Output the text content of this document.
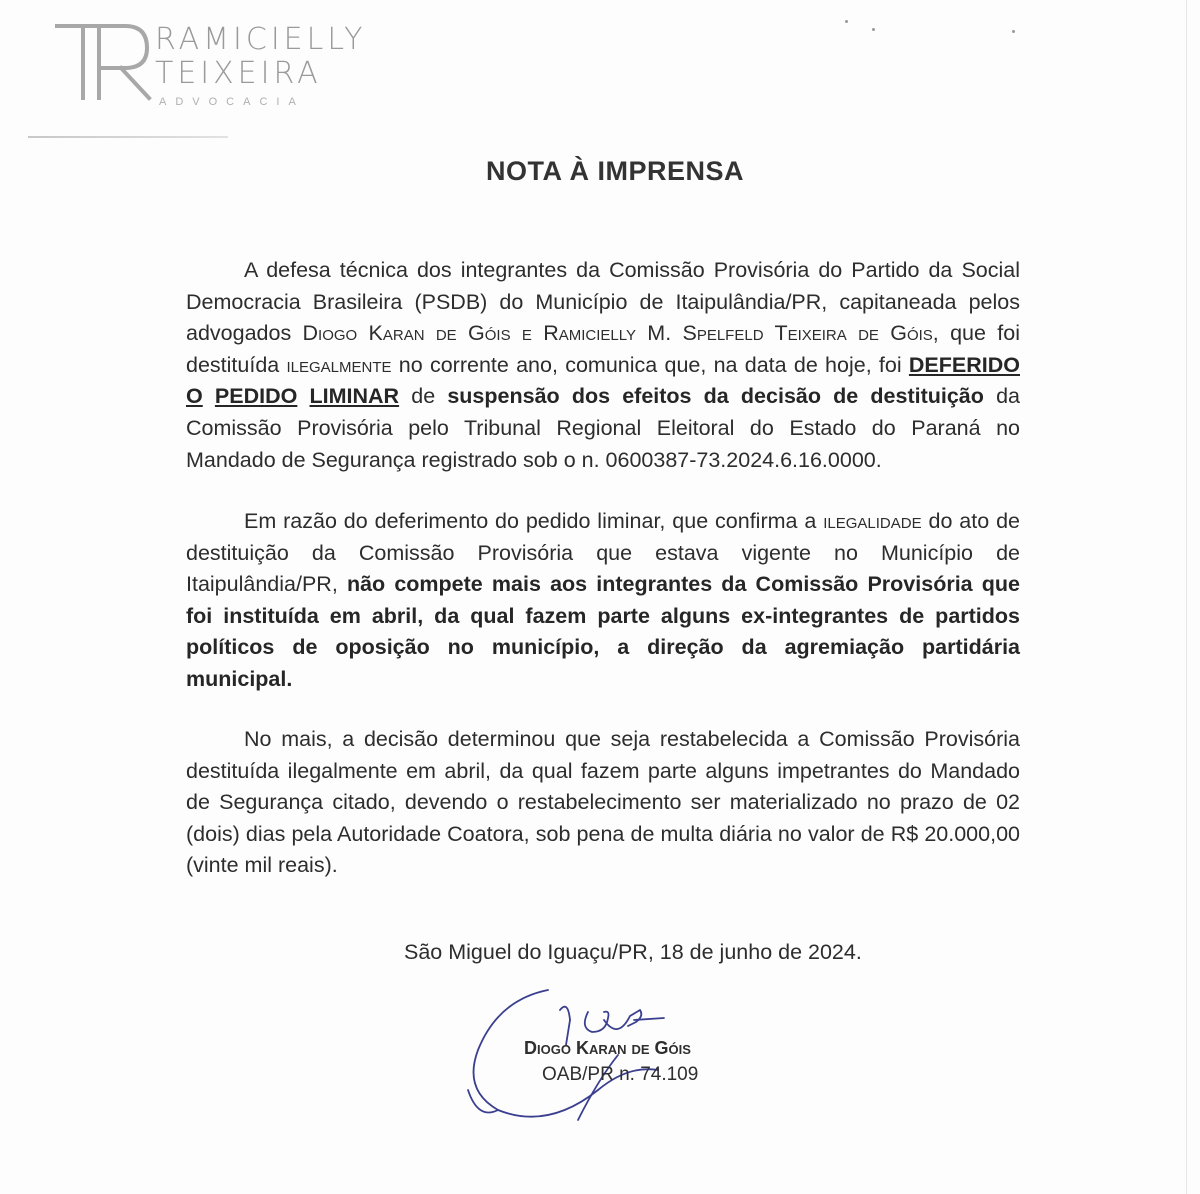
RAMICIELLY
TEIXEIRA
ADVOCACIA
NOTA À IMPRENSA

A defesa técnica dos integrantes da Comissão Provisória do Partido da Social Democracia Brasileira (PSDB) do Município de Itaipulândia/PR, capitaneada pelos advogados Diogo Karan de Góis e Ramicielly M. Spelfeld Teixeira de Góis, que foi destituída ilegalmente no corrente ano, comunica que, na data de hoje, foi DEFERIDO O PEDIDO LIMINAR de suspensão dos efeitos da decisão de destituição da Comissão Provisória pelo Tribunal Regional Eleitoral do Estado do Paraná no Mandado de Segurança registrado sob o n. 0600387-73.2024.6.16.0000.

Em razão do deferimento do pedido liminar, que confirma a ilegalidade do ato de destituição da Comissão Provisória que estava vigente no Município de Itaipulândia/PR, não compete mais aos integrantes da Comissão Provisória que foi instituída em abril, da qual fazem parte alguns ex-integrantes de partidos políticos de oposição no município, a direção da agremiação partidária municipal.

No mais, a decisão determinou que seja restabelecida a Comissão Provisória destituída ilegalmente em abril, da qual fazem parte alguns impetrantes do Mandado de Segurança citado, devendo o restabelecimento ser materializado no prazo de 02 (dois) dias pela Autoridade Coatora, sob pena de multa diária no valor de R$ 20.000,00 (vinte mil reais).

São Miguel do Iguaçu/PR, 18 de junho de 2024.
Diogo Karan de Góis
OAB/PR n. 74.109
